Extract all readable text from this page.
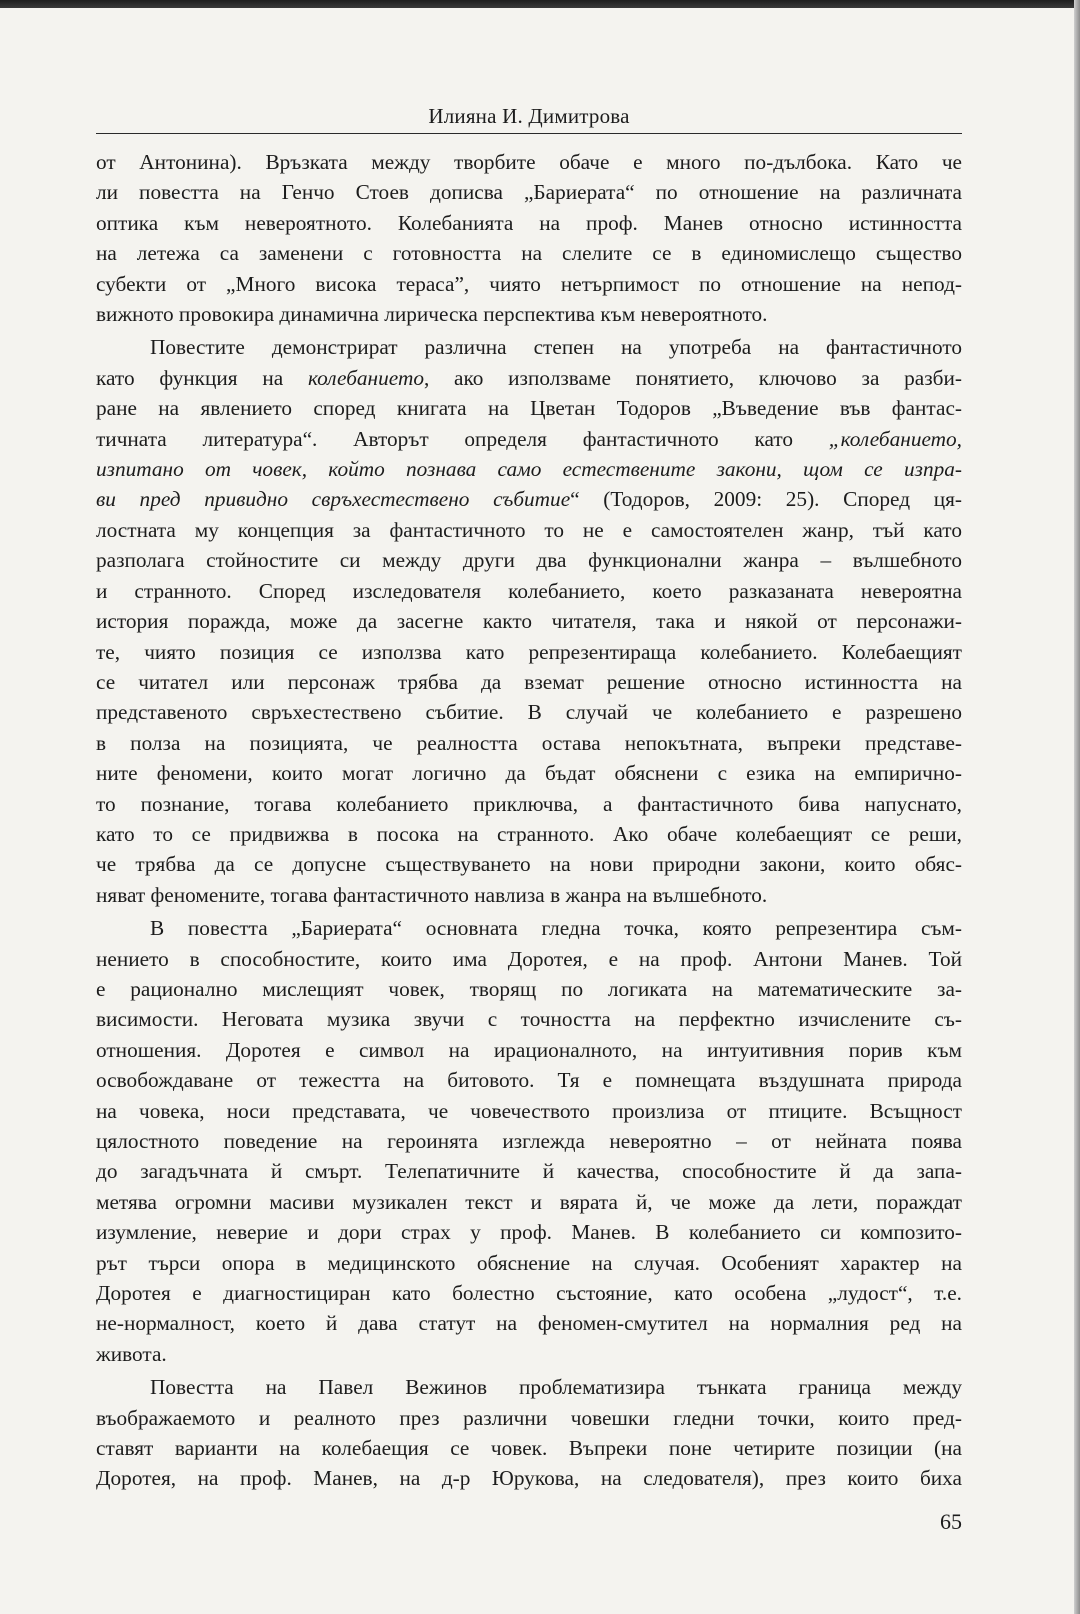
Илияна И. Димитрова

от Антонина). Връзката между творбите обаче е много по-дълбока. Като че
ли повестта на Генчо Стоев дописва „Бариерата“ по отношение на различната
оптика към невероятното. Колебанията на проф. Манев относно истинността
на летежа са заменени с готовността на слелите се в единомислещо същество
субекти от „Много висока тераса”, чиято нетърпимост по отношение на непод-
вижното провокира динамична лирическа перспектива към невероятното.

Повестите демонстрират различна степен на употреба на фантастичното
като функция на колебанието, ако използваме понятието, ключово за разби-
ране на явлението според книгата на Цветан Тодоров „Въведение във фантас-
тичната литература“. Авторът определя фантастичното като „колебанието,
изпитано от човек, който познава само естествените закони, щом се изпра-
ви пред привидно свръхестествено събитие“ (Тодоров, 2009: 25). Според ця-
лостната му концепция за фантастичното то не е самостоятелен жанр, тъй като
разполага стойностите си между други два функционални жанра – вълшебното
и странното. Според изследователя колебанието, което разказаната невероятна
история поражда, може да засегне както читателя, така и някой от персонажи-
те, чиято позиция се използва като репрезентираща колебанието. Колебаещият
се читател или персонаж трябва да вземат решение относно истинността на
представеното свръхестествено събитие. В случай че колебанието е разрешено
в полза на позицията, че реалността остава непокътната, въпреки представе-
ните феномени, които могат логично да бъдат обяснени с езика на емпирично-
то познание, тогава колебанието приключва, а фантастичното бива напуснато,
като то се придвижва в посока на странното. Ако обаче колебаещият се реши,
че трябва да се допусне съществуването на нови природни закони, които обяс-
няват феномените, тогава фантастичното навлиза в жанра на вълшебното.

В повестта „Бариерата“ основната гледна точка, която репрезентира съм-
нението в способностите, които има Доротея, е на проф. Антони Манев. Той
е рационално мислещият човек, творящ по логиката на математическите за-
висимости. Неговата музика звучи с точността на перфектно изчислените съ-
отношения. Доротея е символ на ирационалното, на интуитивния порив към
освобождаване от тежестта на битовото. Тя е помнещата въздушната природа
на човека, носи представата, че човечеството произлиза от птиците. Всъщност
цялостното поведение на героинята изглежда невероятно – от нейната поява
до загадъчната й смърт. Телепатичните й качества, способностите й да запа-
метява огромни масиви музикален текст и вярата й, че може да лети, пораждат
изумление, неверие и дори страх у проф. Манев. В колебанието си композито-
рът търси опора в медицинското обяснение на случая. Особеният характер на
Доротея е диагностициран като болестно състояние, като особена „лудост“, т.е.
не-нормалност, което й дава статут на феномен-смутител на нормалния ред на
живота.

Повестта на Павел Вежинов проблематизира тънката граница между
въображаемото и реалното през различни човешки гледни точки, които пред-
ставят варианти на колебаещия се човек. Въпреки поне четирите позиции (на
Доротея, на проф. Манев, на д-р Юрукова, на следователя), през които биха

65
